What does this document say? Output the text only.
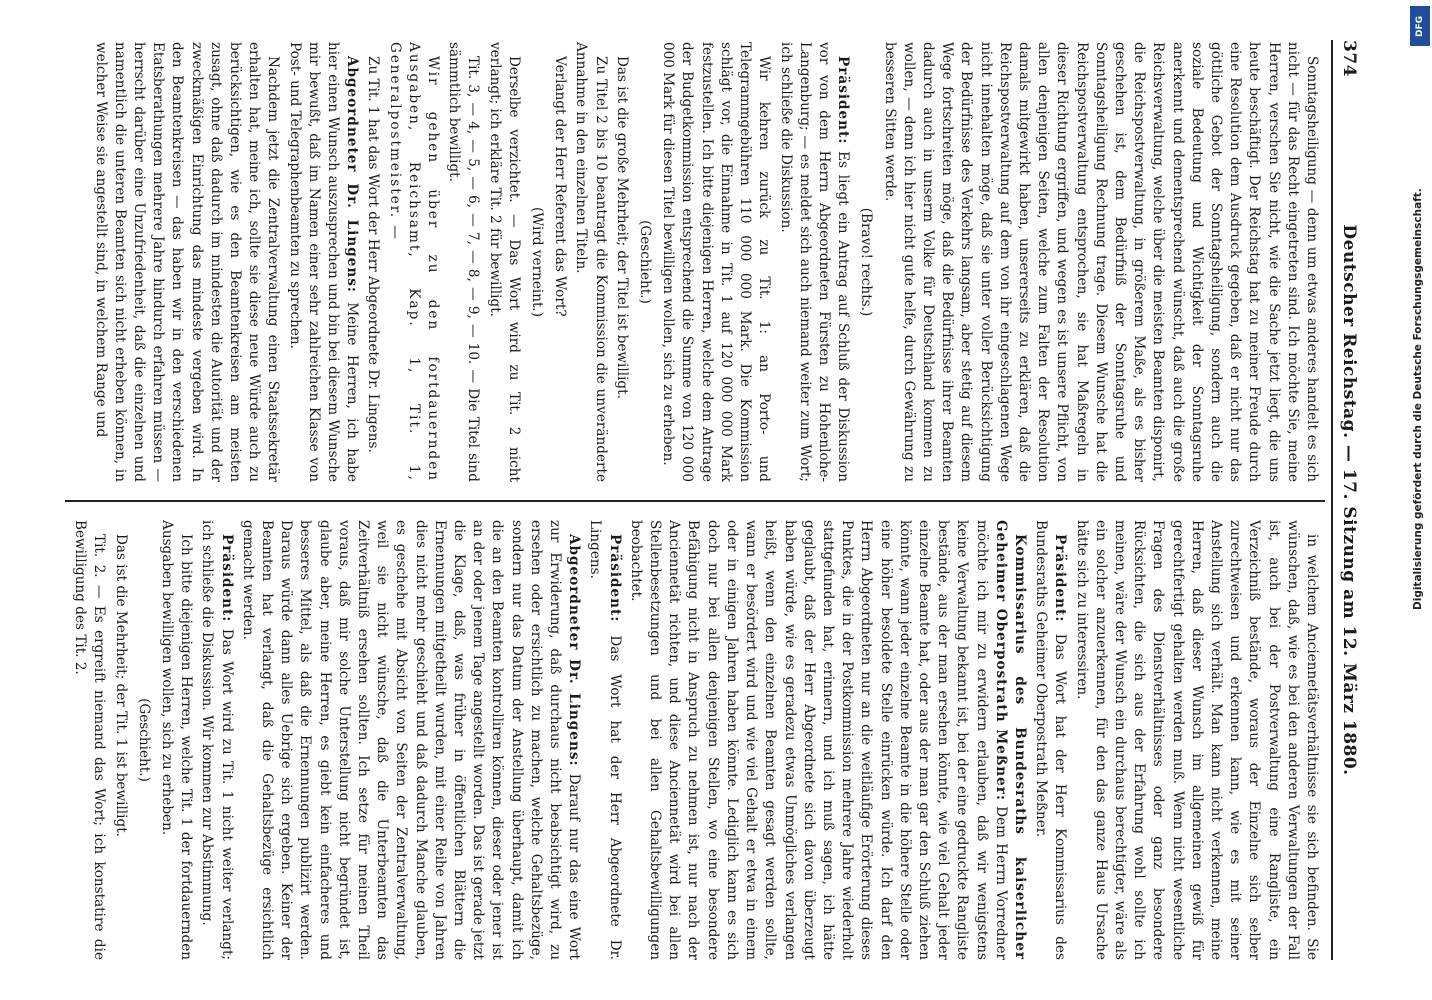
DFG
Digitalisierung gefördert durch die Deutsche Forschungsgemeinschaft.
374
Deutscher Reichstag. — 17. Sitzung am 12. März 1880.

Sonntagsheiligung — denn um etwas anderes handelt es sich nicht — für das Recht eingetreten sind. Ich möchte Sie, meine Herren, verschen Sie nicht, wie die Sache jetzt liegt, die uns heute beschäftigt. Der Reichstag hat zu meiner Freude durch eine Resolution dem Ausdruck gegeben, daß er nicht nur das göttliche Gebot der Sonntagsheiligung, sondern auch die soziale Bedeutung und Wichtigkeit der Sonntagsruhe anerkennt und dementsprechend wünscht, daß auch die große Reichsverwaltung, welche über die meisten Beamten disponirt, die Reichspostverwaltung, in größerem Maße, als es bisher geschehen ist, dem Bedürfniß der Sonntagsruhe und Sonntagsheiligung Rechnung trage. Diesem Wunsche hat die Reichspostverwaltung entsprochen, sie hat Maßregeln in dieser Richtung ergriffen, und wegen es ist unsere Pflicht, von allen denjenigen Seiten, welche zum Falten der Resolution damals mitgewirkt haben, unsererseits zu erklären, daß die Reichspostverwaltung auf dem von ihr eingeschlagenen Wege nicht innehalten möge, daß sie unter voller Berücksichtigung der Bedürfnisse des Verkehrs langsam, aber stetig auf diesem Wege fortschreiten möge, daß die Bedürfnisse ihrer Beamten dadurch auch in unserm Volke für Deutschland kommen zu wollen, — denn ich hier nicht gute helfe, durch Gewährung zu besseren Sitten werde.

(Bravo! rechts.)

Präsident: Es liegt ein Antrag auf Schluß der Diskussion vor von dem Herrn Abgeordneten Fürsten zu Hohenlohe-Langenburg; — es meldet sich auch niemand weiter zum Wort; ich schließe die Diskussion.

Wir kehren zurück zu Tit. 1: an Porto- und Telegrammgebühren 110 000 000 Mark. Die Kommission schlägt vor, die Einnahme in Tit. 1 auf 120 000 000 Mark festzustellen. Ich bitte diejenigen Herren, welche dem Antrage der Budgetkommission entsprechend die Summe von 120 000 000 Mark für diesen Titel bewilligen wollen, sich zu erheben.

(Geschieht.)

Das ist die große Mehrheit; der Titel ist bewilligt.

Zu Titel 2 bis 10 beantragt die Kommission die unveränderte Annahme in den einzelnen Titeln.

Verlangt der Herr Referent das Wort?

(Wird verneint.)

Derselbe verzichtet. — Das Wort wird zu Tit. 2 nicht verlangt; ich erkläre Tit. 2 für bewilligt.

Tit. 3, — 4, — 5, — 6, — 7, — 8, — 9, — 10. — Die Titel sind sämmtlich bewilligt.

Wir gehen über zu den fortdauernden Ausgaben, Reichsamt, Kap. 1, Tit. 1, Generalpostmeister. —

Zu Tit. 1 hat das Wort der Herr Abgeordnete Dr. Lingens.

Abgeordneter Dr. Lingens: Meine Herren, ich habe hier einen Wunsch auszusprechen und bin bei diesem Wunsche mir bewußt, daß im Namen einer sehr zahlreichen Klasse von Post- und Telegraphenbeamten zu sprechen.

Nachdem jetzt die Zentralverwaltung einen Staatssekretär erhalten hat, meine ich, sollte sie diese neue Würde auch zu berücksichtigen, wie es den Beamtenkreisen am meisten zusagt, ohne daß dadurch im mindesten die Autorität und der zweckmäßigen Einrichtung das mindeste vergeben wird. In den Beamtenkreisen — das haben wir in den verschiedenen Etatsberathungen mehrere Jahre hindurch erfahren müssen — herrscht darüber eine Unzufriedenheit, daß die einzelnen und namentlich die unteren Beamten sich nicht erheben können, in welcher Weise sie angestellt sind, in welchem Range und

in welchem Anciennetätsverhältnisse sie sich befinden. Sie wünschen, daß, wie es bei den anderen Verwaltungen der Fall ist, auch bei der Postverwaltung eine Rangliste, ein Verzeichniß bestände, woraus der Einzelne sich selber zurechtweisen und erkennen kann, wie es mit seiner Anstellung sich verhält. Man kann nicht verkennen, meine Herren, daß dieser Wunsch im allgemeinen gewiß für gerechtfertigt gehalten werden muß. Wenn nicht wesentliche Fragen des Dienstverhältnisses oder ganz besondere Rücksichten, die sich aus der Erfahrung wohl sollte ich meinen, wäre der Wunsch ein durchaus berechtigter, wäre als ein solcher anzuerkennen, für den das ganze Haus Ursache hätte sich zu interessiren.

Präsident: Das Wort hat der Herr Kommissarius des Bundesraths Geheimer Oberpostrath Meßner.

Kommissarius des Bundesraths kaiserlicher Geheimer Oberpostrath Meßner: Dem Herrn Vorredner möchte ich mir zu erwidern erlauben, daß wir wenigstens keine Verwaltung bekannt ist, bei der eine gedruckte Rangliste bestände, aus der man ersehen könnte, wie viel Gehalt jeder einzelne Beamte hat, oder aus der man gar den Schluß ziehen könnte, wann jeder einzelne Beamte in die höhere Stelle oder eine höher besoldete Stelle einrücken würde. Ich darf den Herrn Abgeordneten nur an die weitläufige Erörterung dieses Punktes, die in der Postkommission mehrere Jahre wiederholt stattgefunden hat, erinnern, und ich muß sagen, ich hätte geglaubt, daß der Herr Abgeordnete sich davon überzeugt haben würde, wie es geradezu etwas Unmögliches verlangen heißt, wenn den einzelnen Beamten gesagt werden sollte, wann er besördert wird und wie viel Gehalt er etwa in einem oder in einigen Jahren haben könnte. Lediglich kann es sich doch nur bei allen denjenigen Stellen, wo eine besondere Befähigung nicht in Anspruch zu nehmen ist, nur nach der Anciennetät richten, und diese Anciennetät wird bei allen Stellenbesetzungen und bei allen Gehaltsbewilligungen beobachtet.

Präsident: Das Wort hat der Herr Abgeordnete Dr. Lingens.

Abgeordneter Dr. Lingens: Darauf nur das eine Wort zur Erwiderung, daß durchaus nicht beabsichtigt wird, zu ersehen oder ersichtlich zu machen, welche Gehaltsbezüge, sondern nur das Datum der Anstellung überhaupt, damit ich die an den Beamten kontrolliren können, dieser oder jener ist an der oder jenem Tage angestellt worden. Das ist gerade jetzt die Klage, daß, was früher in öffentlichen Blättern die Ernennungen mitgetheilt wurden, mit einer Reihe von Jahren dies nicht mehr geschieht und daß dadurch Manche glauben, es geschehe mit Absicht von Seiten der Zentralverwaltung, weil sie nicht wünsche, daß die Unterbeamten das Zeitverhältniß ersehen sollten. Ich setze für meinen Theil voraus, daß mir solche Unterstellung nicht begründet ist, glaube aber, meine Herren, es giebt kein einfacheres und besseres Mittel, als daß die Ernennungen publizirt werden. Daraus würde dann alles Uebrige sich ergeben. Keiner der Beamten hat verlangt, daß die Gehaltsbezüge ersichtlich gemacht werden.

Präsident: Das Wort wird zu Tit. 1 nicht weiter verlangt; ich schließe die Diskussion. Wir kommen zur Abstimmung.

Ich bitte diejenigen Herren, welche Tit. 1 der fortdauernden Ausgaben bewilligen wollen, sich zu erheben.

(Geschieht.)

Das ist die Mehrheit; der Tit. 1 ist bewilligt.

Tit. 2. — Es ergreift niemand das Wort; ich konstatire die Bewilligung des Tit. 2.
